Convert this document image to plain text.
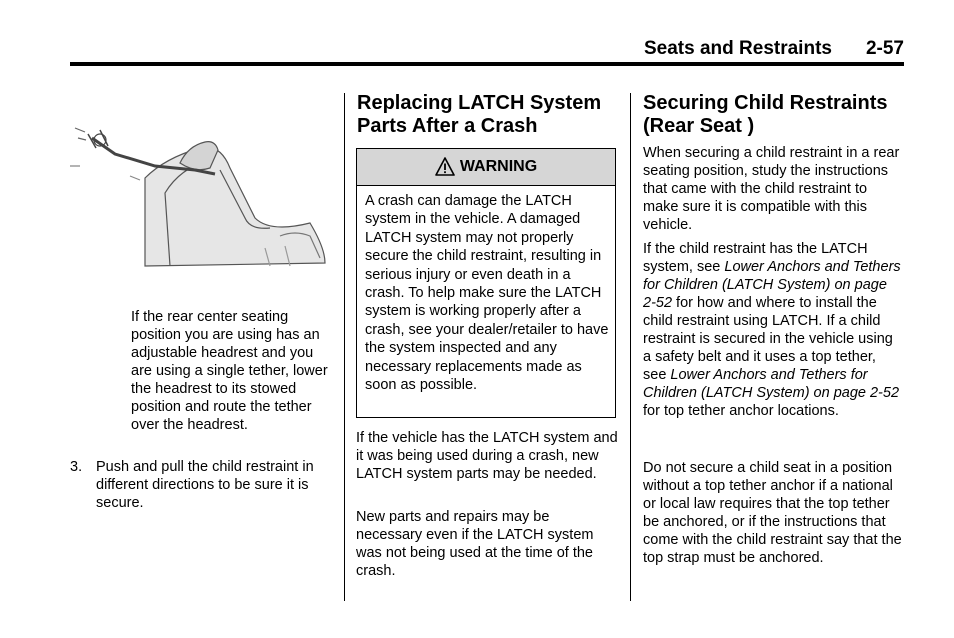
Seats and Restraints 2-57

If the rear center seating position you are using has an adjustable headrest and you are using a single tether, lower the headrest to its stowed position and route the tether over the headrest.

3. Push and pull the child restraint in different directions to be sure it is secure.

Replacing LATCH System Parts After a Crash
WARNING
A crash can damage the LATCH system in the vehicle. A damaged LATCH system may not properly secure the child restraint, resulting in serious injury or even death in a crash. To help make sure the LATCH system is working properly after a crash, see your dealer/retailer to have the system inspected and any necessary replacements made as soon as possible.

If the vehicle has the LATCH system and it was being used during a crash, new LATCH system parts may be needed.

New parts and repairs may be necessary even if the LATCH system was not being used at the time of the crash.

Securing Child Restraints (Rear Seat )

When securing a child restraint in a rear seating position, study the instructions that came with the child restraint to make sure it is compatible with this vehicle.

If the child restraint has the LATCH system, see Lower Anchors and Tethers for Children (LATCH System) on page 2-52 for how and where to install the child restraint using LATCH. If a child restraint is secured in the vehicle using a safety belt and it uses a top tether, see Lower Anchors and Tethers for Children (LATCH System) on page 2-52 for top tether anchor locations.

Do not secure a child seat in a position without a top tether anchor if a national or local law requires that the top tether be anchored, or if the instructions that come with the child restraint say that the top strap must be anchored.
